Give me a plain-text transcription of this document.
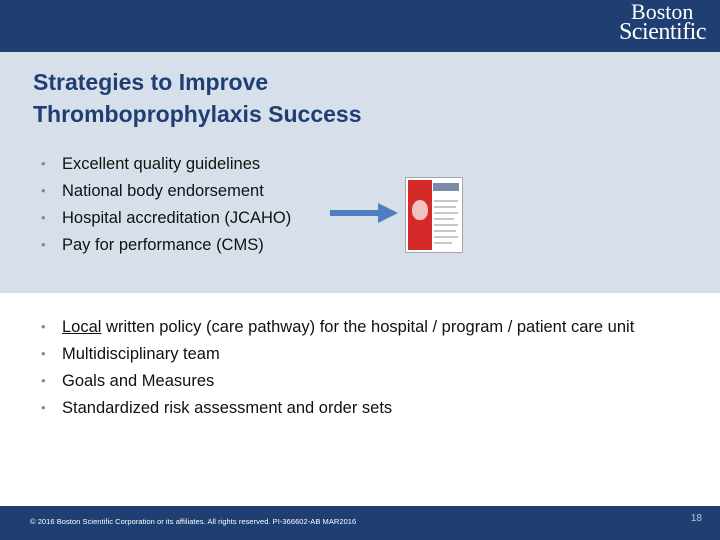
Boston
Scientific
Strategies to Improve Thromboprophylaxis Success
• Excellent quality guidelines
• National body endorsement
• Hospital accreditation (JCAHO)
• Pay for performance (CMS)
• Local written policy (care pathway) for the hospital / program / patient care unit
• Multidisciplinary team
• Goals and Measures
• Standardized risk assessment and order sets
© 2016 Boston Scientific Corporation or its affiliates. All rights reserved. PI-366602-AB MAR2016	18
